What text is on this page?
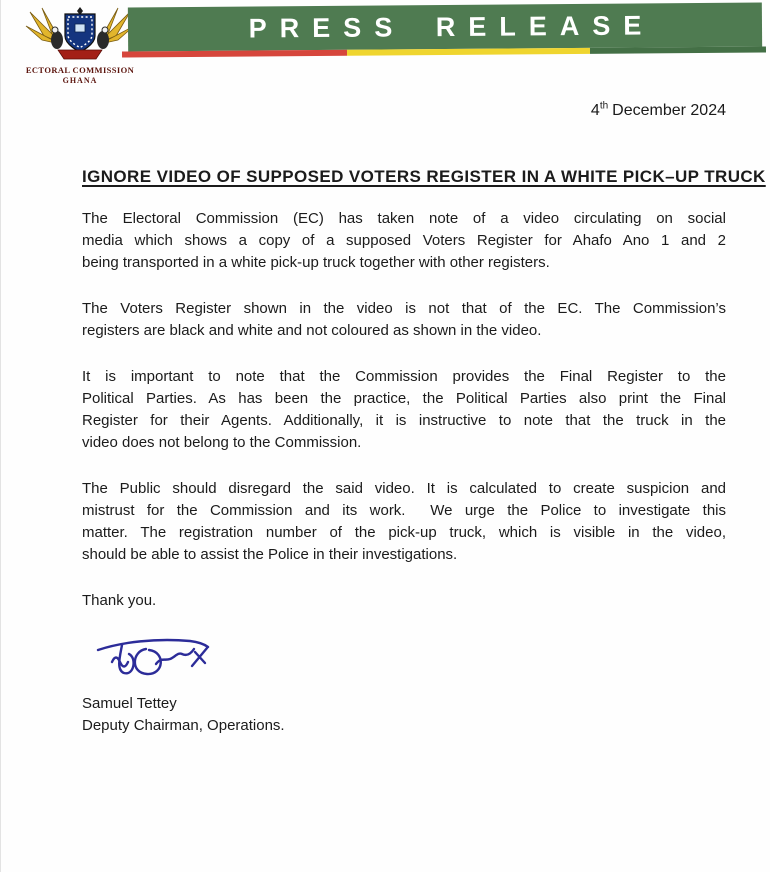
ECTORAL COMMISSION
GHANA
PRESS RELEASE
4th December 2024
IGNORE VIDEO OF SUPPOSED VOTERS REGISTER IN A WHITE PICK–UP TRUCK
The Electoral Commission (EC) has taken note of a video circulating on social
media which shows a copy of a supposed Voters Register for Ahafo Ano 1 and 2
being transported in a white pick-up truck together with other registers.
The Voters Register shown in the video is not that of the EC. The Commission’s
registers are black and white and not coloured as shown in the video.
It is important to note that the Commission provides the Final Register to the
Political Parties. As has been the practice, the Political Parties also print the Final
Register for their Agents. Additionally, it is instructive to note that the truck in the
video does not belong to the Commission.
The Public should disregard the said video. It is calculated to create suspicion and
mistrust for the Commission and its work.  We urge the Police to investigate this
matter. The registration number of the pick-up truck, which is visible in the video,
should be able to assist the Police in their investigations.
Thank you.
Samuel Tettey
Deputy Chairman, Operations.
